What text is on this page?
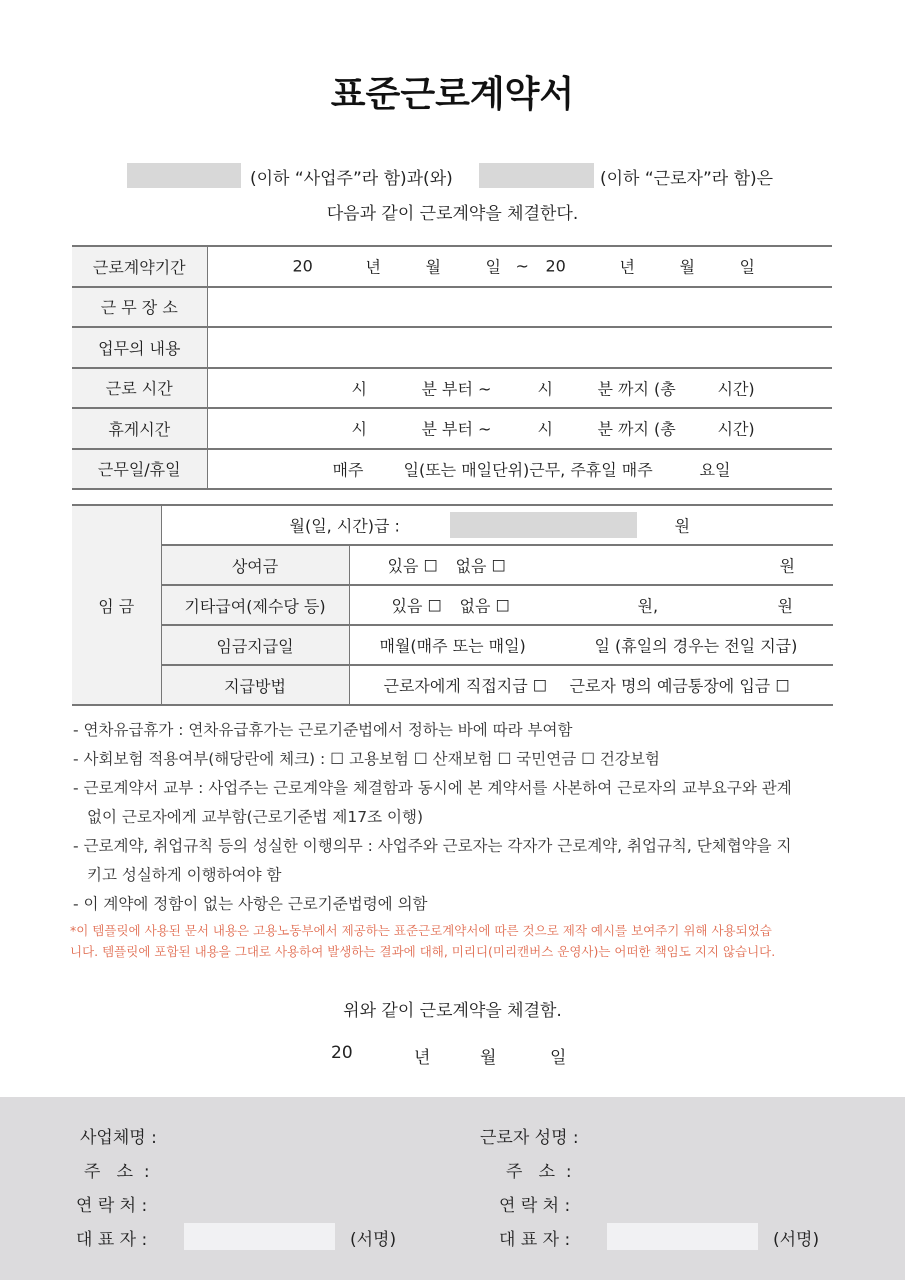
표준근로계약서
(이하 “사업주”라 함)과(와)	(이하 “근로자”라 함)은
다음과 같이 근로계약을 체결한다.
근로계약기간	20	년	월	일 ~ 20	년	월	일

근 무 장 소	
업무의 내용	
근로 시간	시 분 부터 ~ 시 분 까지 (총 시간)

휴게시간	시 분 부터 ~ 시 분 까지 (총 시간)

근무일/휴일	매주 일(또는 매일단위)근무, 주휴일 매주 요일
임 금	월(일, 시간)급 : 원	

	상여금	있음 ☐ 없음 ☐ 원

	기타급여(제수당 등)	있음 ☐ 없음 ☐ 원, 원

	임금지급일	매월(매주 또는 매일) 일 (휴일의 경우는 전일 지급)

	지급방법	근로자에게 직접지급 ☐ 근로자 명의 예금통장에 입금 ☐
- 연차유급휴가 : 연차유급휴가는 근로기준법에서 정하는 바에 따라 부여함
- 사회보험 적용여부(해당란에 체크) : ☐ 고용보험 ☐ 산재보험 ☐ 국민연금 ☐ 건강보험
- 근로계약서 교부 : 사업주는 근로계약을 체결함과 동시에 본 계약서를 사본하여 근로자의 교부요구와 관계
없이 근로자에게 교부함(근로기준법 제17조 이행)
- 근로계약, 취업규칙 등의 성실한 이행의무 : 사업주와 근로자는 각자가 근로계약, 취업규칙, 단체협약을 지
키고 성실하게 이행하여야 함
- 이 계약에 정함이 없는 사항은 근로기준법령에 의함
*이 템플릿에 사용된 문서 내용은 고용노동부에서 제공하는 표준근로계약서에 따른 것으로 제작 예시를 보여주기 위해 사용되었습
니다. 템플릿에 포함된 내용을 그대로 사용하여 발생하는 결과에 대해, 미리디(미리캔버스 운영사)는 어떠한 책임도 지지 않습니다.
위와 같이 근로계약을 체결함.
20	년	월	일
사업체명 :
주   소  :
연 락 처 :
대 표 자 :	(서명)
근로자 성명 :
주   소  :
연 락 처 :
대 표 자 :	(서명)
